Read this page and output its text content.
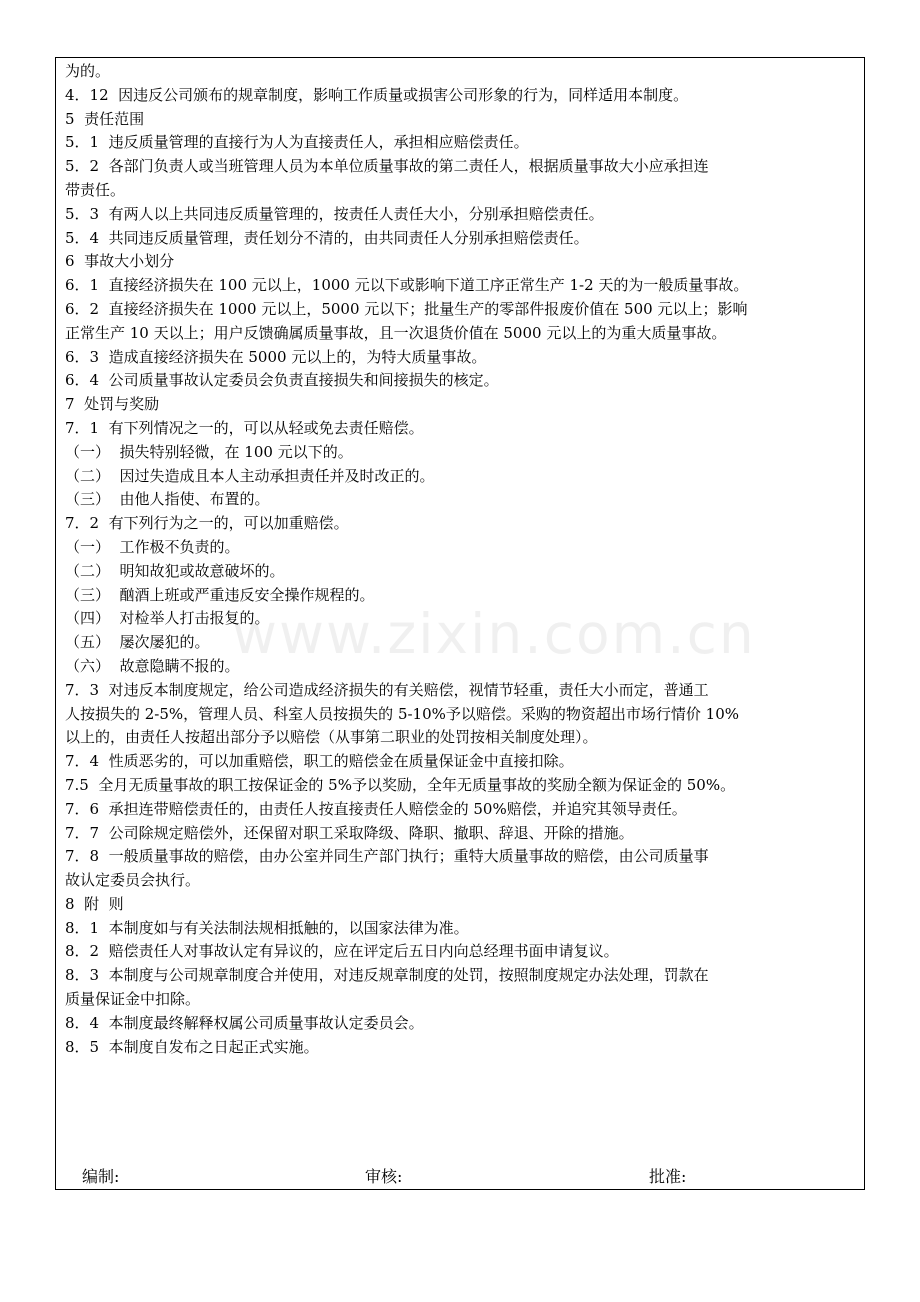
为的。
4．12  因违反公司颁布的规章制度，影响工作质量或损害公司形象的行为，同样适用本制度。
5  责任范围
5．1  违反质量管理的直接行为人为直接责任人，承担相应赔偿责任。
5．2  各部门负责人或当班管理人员为本单位质量事故的第二责任人，根据质量事故大小应承担连
带责任。
5．3  有两人以上共同违反质量管理的，按责任人责任大小，分别承担赔偿责任。
5．4  共同违反质量管理，责任划分不清的，由共同责任人分别承担赔偿责任。
6  事故大小划分
6．1  直接经济损失在 100 元以上，1000 元以下或影响下道工序正常生产 1-2 天的为一般质量事故。
6．2  直接经济损失在 1000 元以上，5000 元以下；批量生产的零部件报废价值在 500 元以上；影响
正常生产 10 天以上；用户反馈确属质量事故，且一次退货价值在 5000 元以上的为重大质量事故。
6．3  造成直接经济损失在 5000 元以上的，为特大质量事故。
6．4  公司质量事故认定委员会负责直接损失和间接损失的核定。
7  处罚与奖励
7．1  有下列情况之一的，可以从轻或免去责任赔偿。
（一）  损失特别轻微，在 100 元以下的。
（二）  因过失造成且本人主动承担责任并及时改正的。
（三）  由他人指使、布置的。
7．2  有下列行为之一的，可以加重赔偿。
（一）  工作极不负责的。
（二）  明知故犯或故意破坏的。
（三）  酗酒上班或严重违反安全操作规程的。
（四）  对检举人打击报复的。
（五）  屡次屡犯的。
（六）  故意隐瞒不报的。
7．3  对违反本制度规定，给公司造成经济损失的有关赔偿，视情节轻重，责任大小而定，普通工
人按损失的 2-5%，管理人员、科室人员按损失的 5-10%予以赔偿。采购的物资超出市场行情价 10%
以上的，由责任人按超出部分予以赔偿（从事第二职业的处罚按相关制度处理）。
7．4  性质恶劣的，可以加重赔偿，职工的赔偿金在质量保证金中直接扣除。
7.5  全月无质量事故的职工按保证金的 5%予以奖励，全年无质量事故的奖励全额为保证金的 50%。
7．6  承担连带赔偿责任的，由责任人按直接责任人赔偿金的 50%赔偿，并追究其领导责任。
7．7  公司除规定赔偿外，还保留对职工采取降级、降职、撤职、辞退、开除的措施。
7．8  一般质量事故的赔偿，由办公室并同生产部门执行；重特大质量事故的赔偿，由公司质量事
故认定委员会执行。
8  附  则
8．1  本制度如与有关法制法规相抵触的，以国家法律为准。
8．2  赔偿责任人对事故认定有异议的，应在评定后五日内向总经理书面申请复议。
8．3  本制度与公司规章制度合并使用，对违反规章制度的处罚，按照制度规定办法处理，罚款在
质量保证金中扣除。
8．4  本制度最终解释权属公司质量事故认定委员会。
8．5  本制度自发布之日起正式实施。
编制:	审核:	批准:
www.zixin.com.cn
